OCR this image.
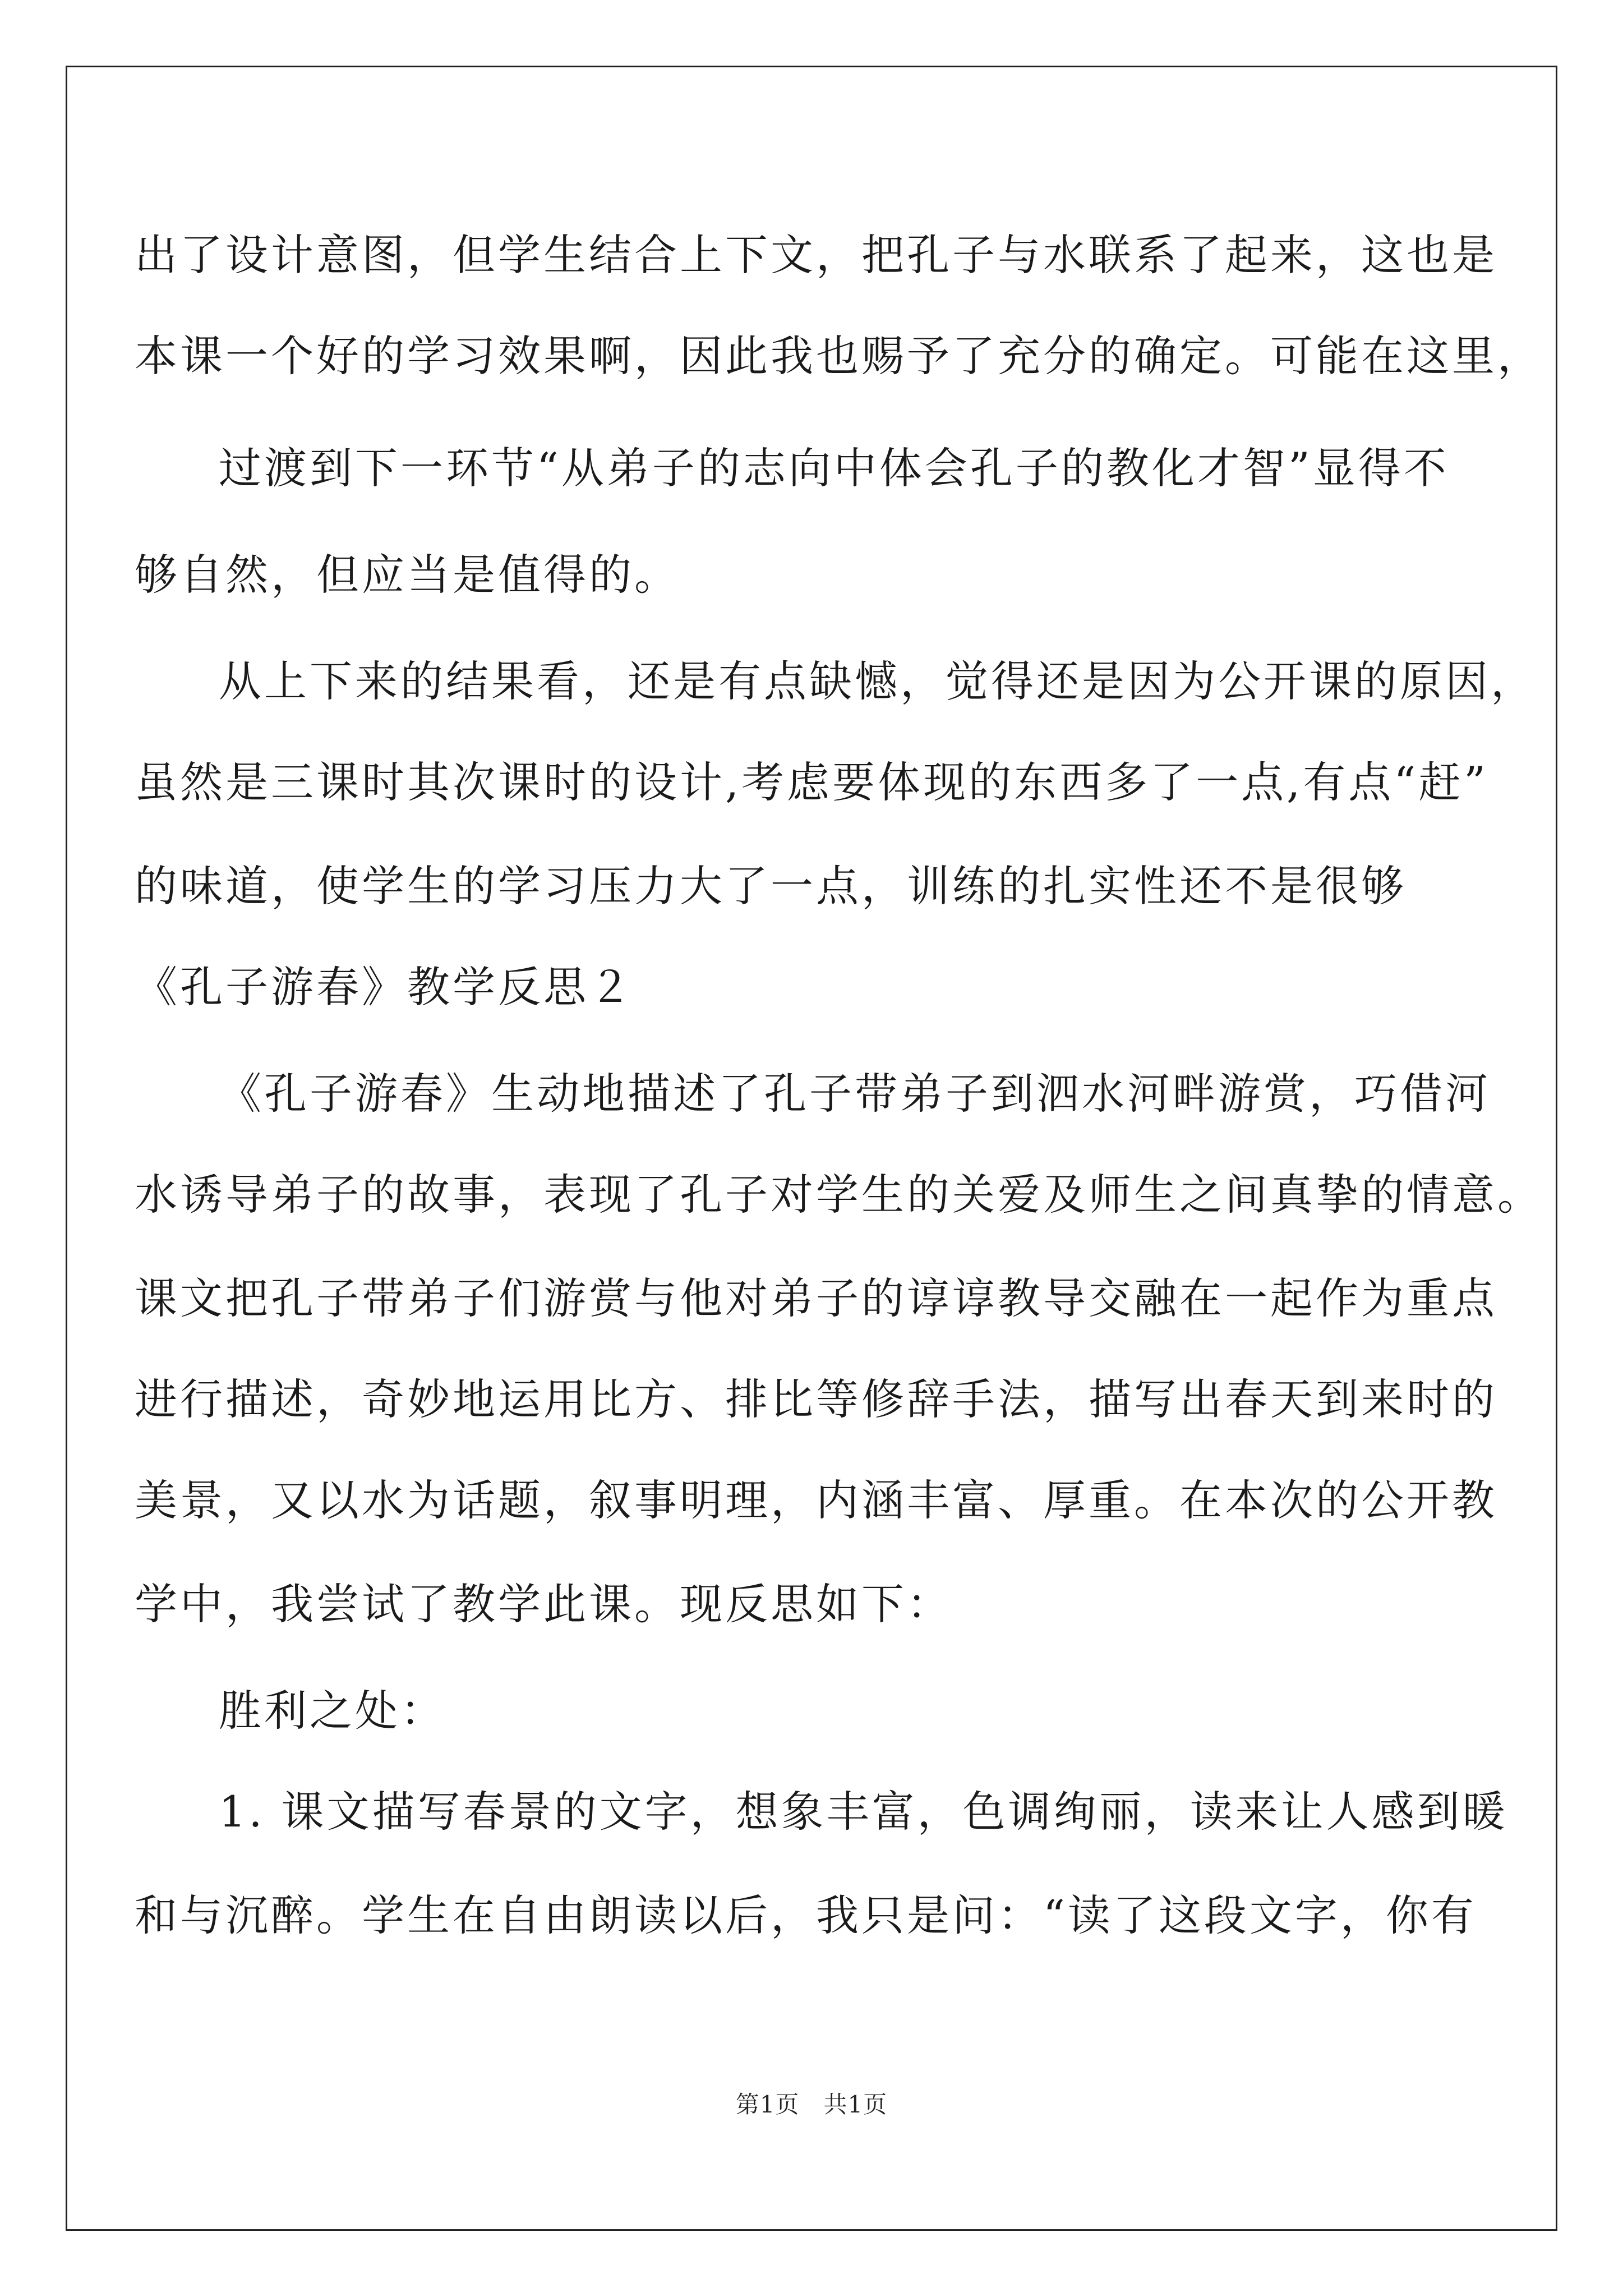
出了设计意图，但学生结合上下文，把孔子与水联系了起来，这也是
本课一个好的学习效果啊，因此我也赐予了充分的确定。可能在这里，
过渡到下一环节“从弟子的志向中体会孔子的教化才智”显得不
够自然，但应当是值得的。
从上下来的结果看，还是有点缺憾，觉得还是因为公开课的原因，
虽然是三课时其次课时的设计,考虑要体现的东西多了一点,有点“赶”
的味道，使学生的学习压力大了一点，训练的扎实性还不是很够
《孔子游春》教学反思２
《孔子游春》生动地描述了孔子带弟子到泗水河畔游赏，巧借河
水诱导弟子的故事，表现了孔子对学生的关爱及师生之间真挚的情意。
课文把孔子带弟子们游赏与他对弟子的谆谆教导交融在一起作为重点
进行描述，奇妙地运用比方、排比等修辞手法，描写出春天到来时的
美景，又以水为话题，叙事明理，内涵丰富、厚重。在本次的公开教
学中，我尝试了教学此课。现反思如下：
胜利之处：
1. 课文描写春景的文字，想象丰富，色调绚丽，读来让人感到暖
和与沉醉。学生在自由朗读以后，我只是问：“读了这段文字，你有
第1页　共1页
